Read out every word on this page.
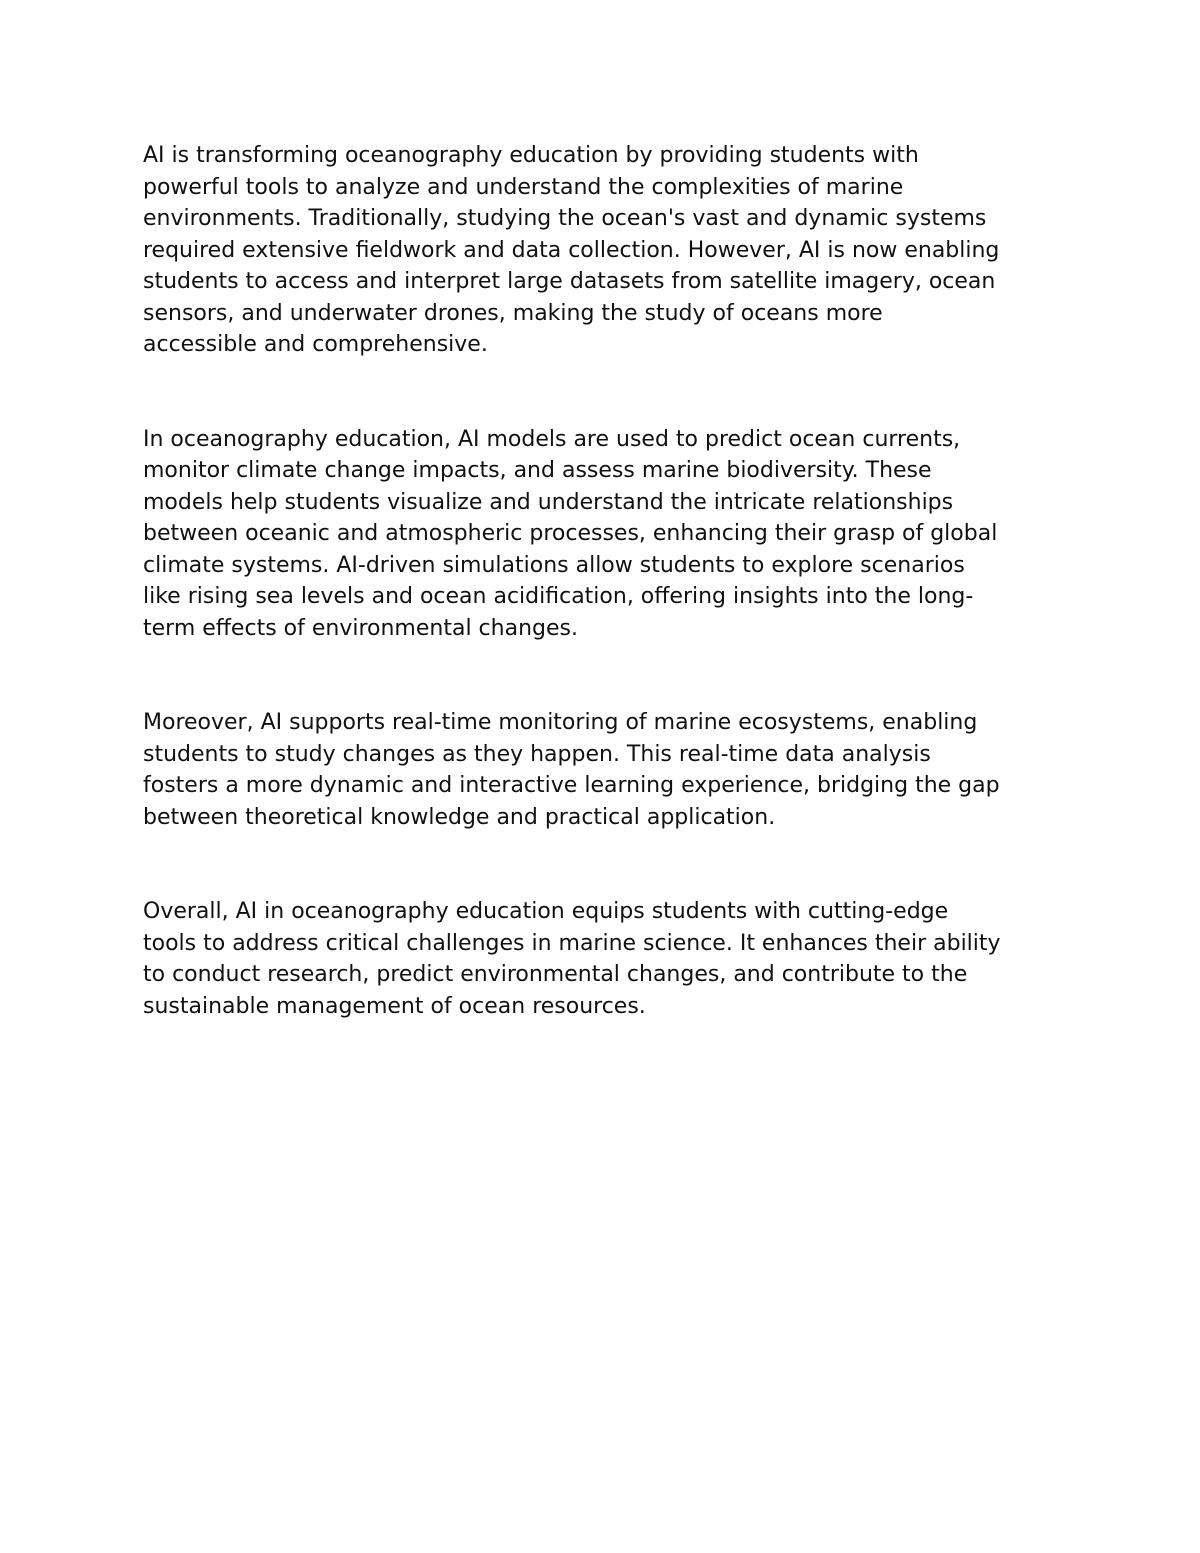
AI is transforming oceanography education by providing students with
powerful tools to analyze and understand the complexities of marine
environments. Traditionally, studying the ocean's vast and dynamic systems
required extensive fieldwork and data collection. However, AI is now enabling
students to access and interpret large datasets from satellite imagery, ocean
sensors, and underwater drones, making the study of oceans more
accessible and comprehensive.

In oceanography education, AI models are used to predict ocean currents,
monitor climate change impacts, and assess marine biodiversity. These
models help students visualize and understand the intricate relationships
between oceanic and atmospheric processes, enhancing their grasp of global
climate systems. AI-driven simulations allow students to explore scenarios
like rising sea levels and ocean acidification, offering insights into the long-
term effects of environmental changes.

Moreover, AI supports real-time monitoring of marine ecosystems, enabling
students to study changes as they happen. This real-time data analysis
fosters a more dynamic and interactive learning experience, bridging the gap
between theoretical knowledge and practical application.

Overall, AI in oceanography education equips students with cutting-edge
tools to address critical challenges in marine science. It enhances their ability
to conduct research, predict environmental changes, and contribute to the
sustainable management of ocean resources.
